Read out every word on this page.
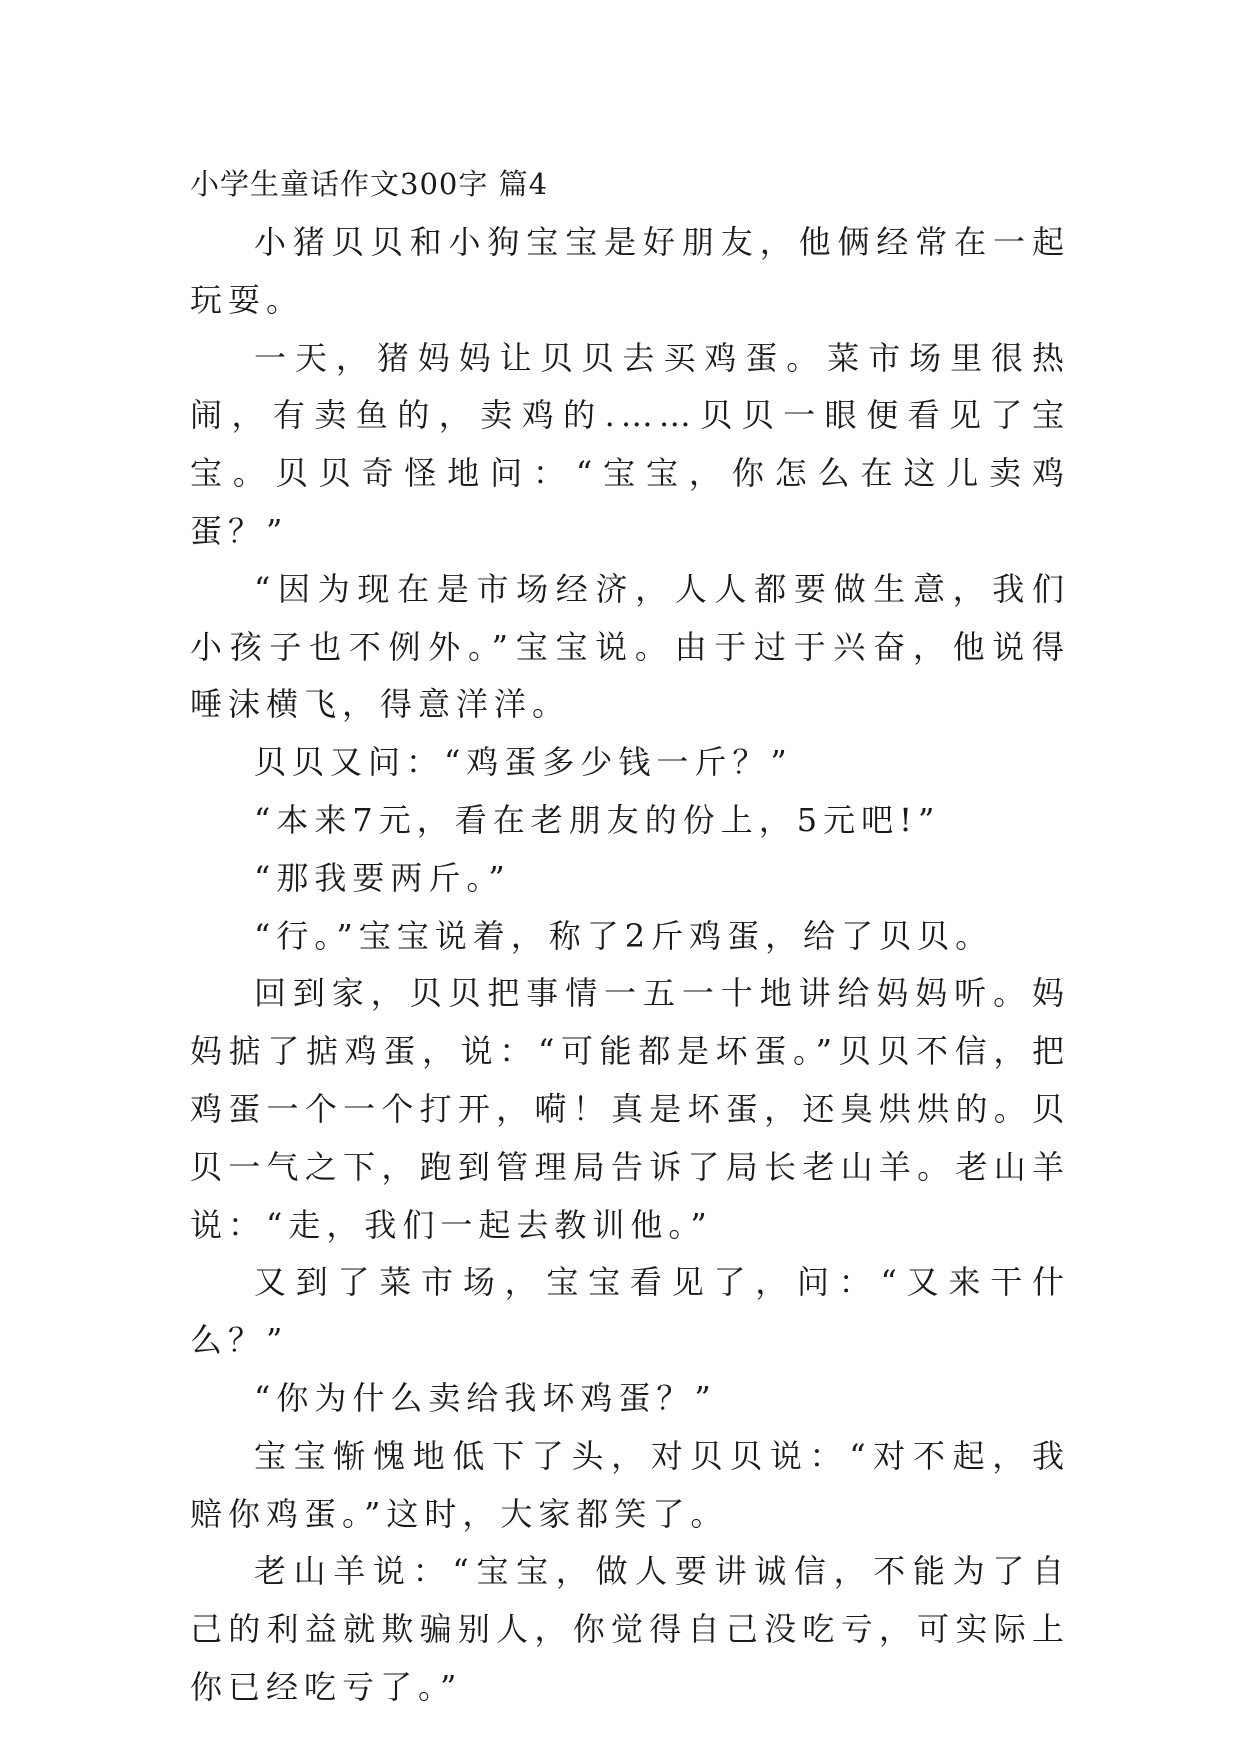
小学生童话作文300字 篇4

小猪贝贝和小狗宝宝是好朋友，他俩经常在一起玩耍。

一天，猪妈妈让贝贝去买鸡蛋。菜市场里很热闹，有卖鱼的，卖鸡的.……贝贝一眼便看见了宝宝。贝贝奇怪地问：“宝宝，你怎么在这儿卖鸡蛋？”

“因为现在是市场经济，人人都要做生意，我们小孩子也不例外。”宝宝说。由于过于兴奋，他说得唾沫横飞，得意洋洋。

贝贝又问：“鸡蛋多少钱一斤？”

“本来7元，看在老朋友的份上，5元吧!”

“那我要两斤。”

“行。”宝宝说着，称了2斤鸡蛋，给了贝贝。

回到家，贝贝把事情一五一十地讲给妈妈听。妈妈掂了掂鸡蛋，说：“可能都是坏蛋。”贝贝不信，把鸡蛋一个一个打开，嗬！真是坏蛋，还臭烘烘的。贝贝一气之下，跑到管理局告诉了局长老山羊。老山羊说：“走，我们一起去教训他。”

又到了菜市场，宝宝看见了，问：“又来干什么？”

“你为什么卖给我坏鸡蛋？”

宝宝惭愧地低下了头，对贝贝说：“对不起，我赔你鸡蛋。”这时，大家都笑了。

老山羊说：“宝宝，做人要讲诚信，不能为了自己的利益就欺骗别人，你觉得自己没吃亏，可实际上你已经吃亏了。”
